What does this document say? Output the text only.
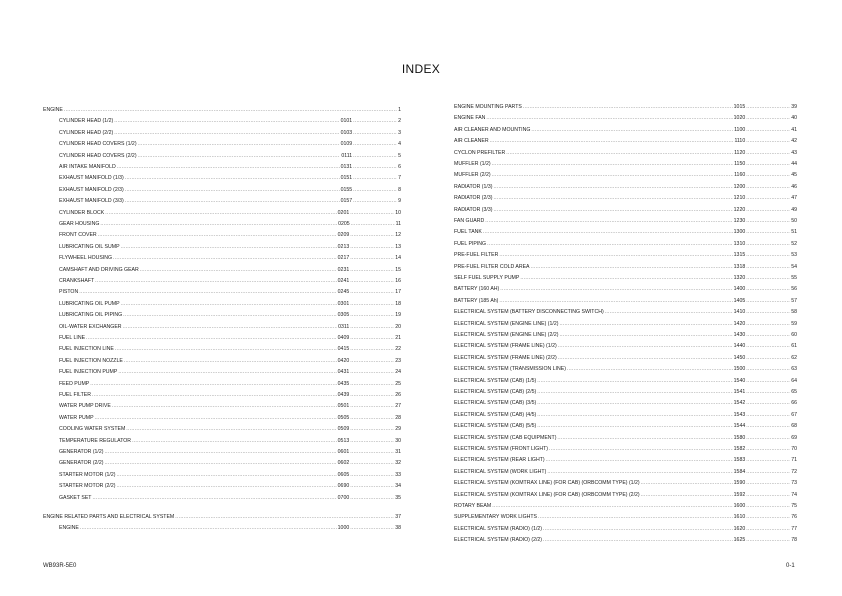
INDEX
ENGINE . . .	1
CYLINDER HEAD (1/2) . . .	0101 . . .	2
CYLINDER HEAD (2/2) . . .	0103 . . .	3
CYLINDER HEAD COVERS (1/2) . . .	0109 . . .	4
CYLINDER HEAD COVERS (2/2) . . .	0111 . . .	5
AIR INTAKE MANIFOLD . . .	0131 . . .	6
EXHAUST MANIFOLD (1/3) . . .	0151 . . .	7
EXHAUST MANIFOLD (2/3) . . .	0155 . . .	8
EXHAUST MANIFOLD (3/3) . . .	0157 . . .	9
CYLINDER BLOCK . . .	0201 . . .	10
GEAR HOUSING . . .	0205 . . .	11
FRONT COVER . . .	0209 . . .	12
LUBRICATING OIL SUMP . . .	0213 . . .	13
FLYWHEEL HOUSING . . .	0217 . . .	14
CAMSHAFT AND DRIVING GEAR . . .	0231 . . .	15
CRANKSHAFT . . .	0241 . . .	16
PISTON . . .	0245 . . .	17
LUBRICATING OIL PUMP . . .	0301 . . .	18
LUBRICATING OIL PIPING . . .	0305 . . .	19
OIL-WATER EXCHANGER . . .	0311 . . .	20
FUEL LINE . . .	0409 . . .	21
FUEL INJECTION LINE . . .	0415 . . .	22
FUEL INJECTION NOZZLE . . .	0420 . . .	23
FUEL INJECTION PUMP . . .	0431 . . .	24
FEED PUMP . . .	0435 . . .	25
FUEL FILTER . . .	0439 . . .	26
WATER PUMP DRIVE . . .	0501 . . .	27
WATER PUMP . . .	0505 . . .	28
COOLING WATER SYSTEM . . .	0509 . . .	29
TEMPERATURE REGULATOR . . .	0513 . . .	30
GENERATOR (1/2) . . .	0601 . . .	31
GENERATOR (2/2) . . .	0602 . . .	32
STARTER MOTOR (1/2) . . .	0605 . . .	33
STARTER MOTOR (2/2) . . .	0690 . . .	34
GASKET SET . . .	0700 . . .	35
ENGINE RELATED PARTS AND ELECTRICAL SYSTEM . . .	37
ENGINE . . .	1000 . . .	38
ENGINE MOUNTING PARTS . . .	1015 . . .	39
ENGINE FAN . . .	1020 . . .	40
AIR CLEANER AND MOUNTING . . .	1100 . . .	41
AIR CLEANER . . .	1110 . . .	42
CYCLON PREFILTER . . .	1120 . . .	43
MUFFLER (1/2) . . .	1150 . . .	44
MUFFLER (2/2) . . .	1160 . . .	45
RADIATOR (1/3) . . .	1200 . . .	46
RADIATOR (2/3) . . .	1210 . . .	47
RADIATOR (3/3) . . .	1220 . . .	49
FAN GUARD . . .	1230 . . .	50
FUEL TANK . . .	1300 . . .	51
FUEL PIPING . . .	1310 . . .	52
PRE-FUEL FILTER . . .	1315 . . .	53
PRE-FUEL FILTER COLD AREA . . .	1318 . . .	54
SELF FUEL SUPPLY PUMP . . .	1320 . . .	55
BATTERY (160 AH) . . .	1400 . . .	56
BATTERY (185 Ah) . . .	1405 . . .	57
ELECTRICAL SYSTEM (BATTERY DISCONNECTING SWITCH) . . .	1410 . . .	58
ELECTRICAL SYSTEM (ENGINE LINE) (1/2) . . .	1420 . . .	59
ELECTRICAL SYSTEM (ENGINE LINE) (2/2) . . .	1430 . . .	60
ELECTRICAL SYSTEM (FRAME LINE) (1/2) . . .	1440 . . .	61
ELECTRICAL SYSTEM (FRAME LINE) (2/2) . . .	1450 . . .	62
ELECTRICAL SYSTEM (TRANSMISSION LINE) . . .	1500 . . .	63
ELECTRICAL SYSTEM (CAB) (1/5) . . .	1540 . . .	64
ELECTRICAL SYSTEM (CAB) (2/5) . . .	1541 . . .	65
ELECTRICAL SYSTEM (CAB) (3/5) . . .	1542 . . .	66
ELECTRICAL SYSTEM (CAB) (4/5) . . .	1543 . . .	67
ELECTRICAL SYSTEM (CAB) (5/5) . . .	1544 . . .	68
ELECTRICAL SYSTEM (CAB EQUIPMENT) . . .	1580 . . .	69
ELECTRICAL SYSTEM (FRONT LIGHT) . . .	1582 . . .	70
ELECTRICAL SYSTEM (REAR LIGHT) . . .	1583 . . .	71
ELECTRICAL SYSTEM (WORK LIGHT) . . .	1584 . . .	72
ELECTRICAL SYSTEM (KOMTRAX LINE) (FOR CAB) (ORBCOMM TYPE) (1/2) . . .	1590 . . .	73
ELECTRICAL SYSTEM (KOMTRAX LINE) (FOR CAB) (ORBCOMM TYPE) (2/2) . . .	1592 . . .	74
ROTARY BEAM . . .	1600 . . .	75
SUPPLEMENTARY WORK LIGHTS . . .	1610 . . .	76
ELECTRICAL SYSTEM (RADIO) (1/2) . . .	1620 . . .	77
ELECTRICAL SYSTEM (RADIO) (2/2) . . .	1625 . . .	78
WB93R-5E0	0-1
